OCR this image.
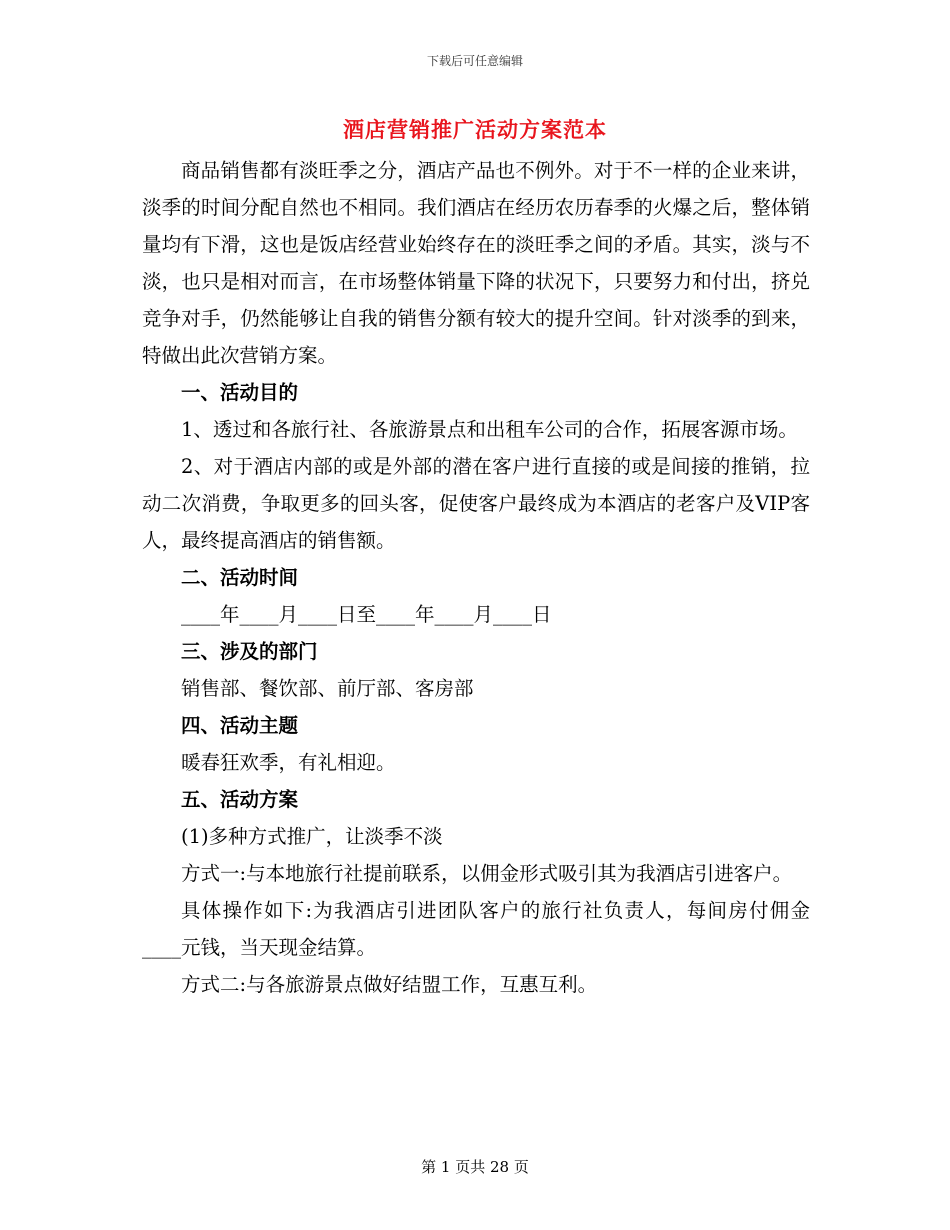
下载后可任意编辑
酒店营销推广活动方案范本

商品销售都有淡旺季之分，酒店产品也不例外。对于不一样的企业来讲，淡季的时间分配自然也不相同。我们酒店在经历农历春季的火爆之后，整体销量均有下滑，这也是饭店经营业始终存在的淡旺季之间的矛盾。其实，淡与不淡，也只是相对而言，在市场整体销量下降的状况下，只要努力和付出，挤兑竞争对手，仍然能够让自我的销售分额有较大的提升空间。针对淡季的到来，特做出此次营销方案。

一、活动目的

1、透过和各旅行社、各旅游景点和出租车公司的合作，拓展客源市场。

2、对于酒店内部的或是外部的潜在客户进行直接的或是间接的推销，拉动二次消费，争取更多的回头客，促使客户最终成为本酒店的老客户及VIP客人，最终提高酒店的销售额。

二、活动时间

____年____月____日至____年____月____日

三、涉及的部门

销售部、餐饮部、前厅部、客房部

四、活动主题

暖春狂欢季，有礼相迎。

五、活动方案

(1)多种方式推广，让淡季不淡

方式一:与本地旅行社提前联系，以佣金形式吸引其为我酒店引进客户。

具体操作如下:为我酒店引进团队客户的旅行社负责人，每间房付佣金____元钱，当天现金结算。

方式二:与各旅游景点做好结盟工作，互惠互利。

第 1 页共 28 页
